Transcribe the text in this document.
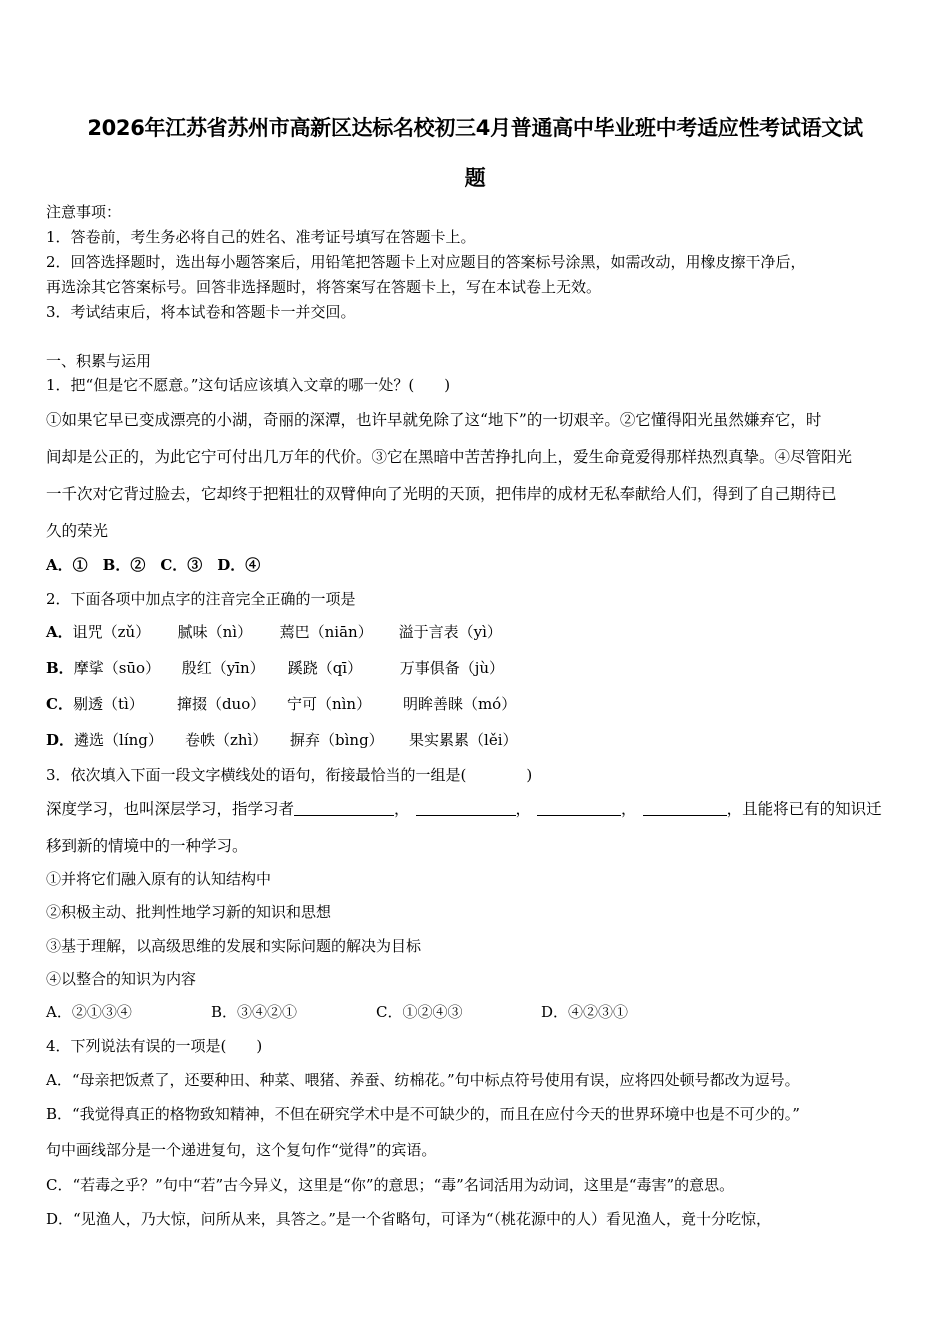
2026年江苏省苏州市高新区达标名校初三4月普通高中毕业班中考适应性考试语文试
题
注意事项：
1．答卷前，考生务必将自己的姓名、准考证号填写在答题卡上。
2．回答选择题时，选出每小题答案后，用铅笔把答题卡上对应题目的答案标号涂黑，如需改动，用橡皮擦干净后，
再选涂其它答案标号。回答非选择题时，将答案写在答题卡上，写在本试卷上无效。
3．考试结束后，将本试卷和答题卡一并交回。
一、积累与运用
1．把“但是它不愿意。”这句话应该填入文章的哪一处？(　　)
①如果它早已变成漂亮的小湖，奇丽的深潭，也许早就免除了这“地下”的一切艰辛。②它懂得阳光虽然嫌弃它，时
间却是公正的，为此它宁可付出几万年的代价。③它在黑暗中苦苦挣扎向上，爱生命竟爱得那样热烈真挚。④尽管阳光
一千次对它背过脸去，它却终于把粗壮的双臂伸向了光明的天顶，把伟岸的成材无私奉献给人们，得到了自己期待已
久的荣光
A．①　B．②　C．③　D．④
2．下面各项中加点字的注音完全正确的一项是
A．诅咒（zǔ） 腻味（nì） 蔫巴（niān） 溢于言表（yì）
B．摩挲（sūo） 殷红（yīn） 蹊跷（qī）	万事俱备（jù）
C．剔透（tì） 撺掇（duo） 宁可（nìn） 明眸善睐（mó）
D．遴选（líng） 卷帙（zhì） 摒弃（bìng） 果实累累（lěi）
3．依次填入下面一段文字横线处的语句，衔接最恰当的一组是(　　　　)
深度学习，也叫深层学习，指学习者	，	，	，	，且能将已有的知识迁
移到新的情境中的一种学习。
①并将它们融入原有的认知结构中
②积极主动、批判性地学习新的知识和思想
③基于理解，以高级思维的发展和实际问题的解决为目标
④以整合的知识为内容
A．②①③④	B．③④②①	C．①②④③	D．④②③①
4．下列说法有误的一项是(　　)
A．“母亲把饭煮了，还要种田、种菜、喂猪、养蚕、纺棉花。”句中标点符号使用有误，应将四处顿号都改为逗号。
B．“我觉得真正的格物致知精神，不但在研究学术中是不可缺少的，而且在应付今天的世界环境中也是不可少的。”
句中画线部分是一个递进复句，这个复句作“觉得”的宾语。
C．“若毒之乎？”句中“若”古今异义，这里是“你”的意思；“毒”名词活用为动词，这里是“毒害”的意思。
D．“见渔人，乃大惊，问所从来，具答之。”是一个省略句，可译为“（桃花源中的人）看见渔人，竟十分吃惊，
